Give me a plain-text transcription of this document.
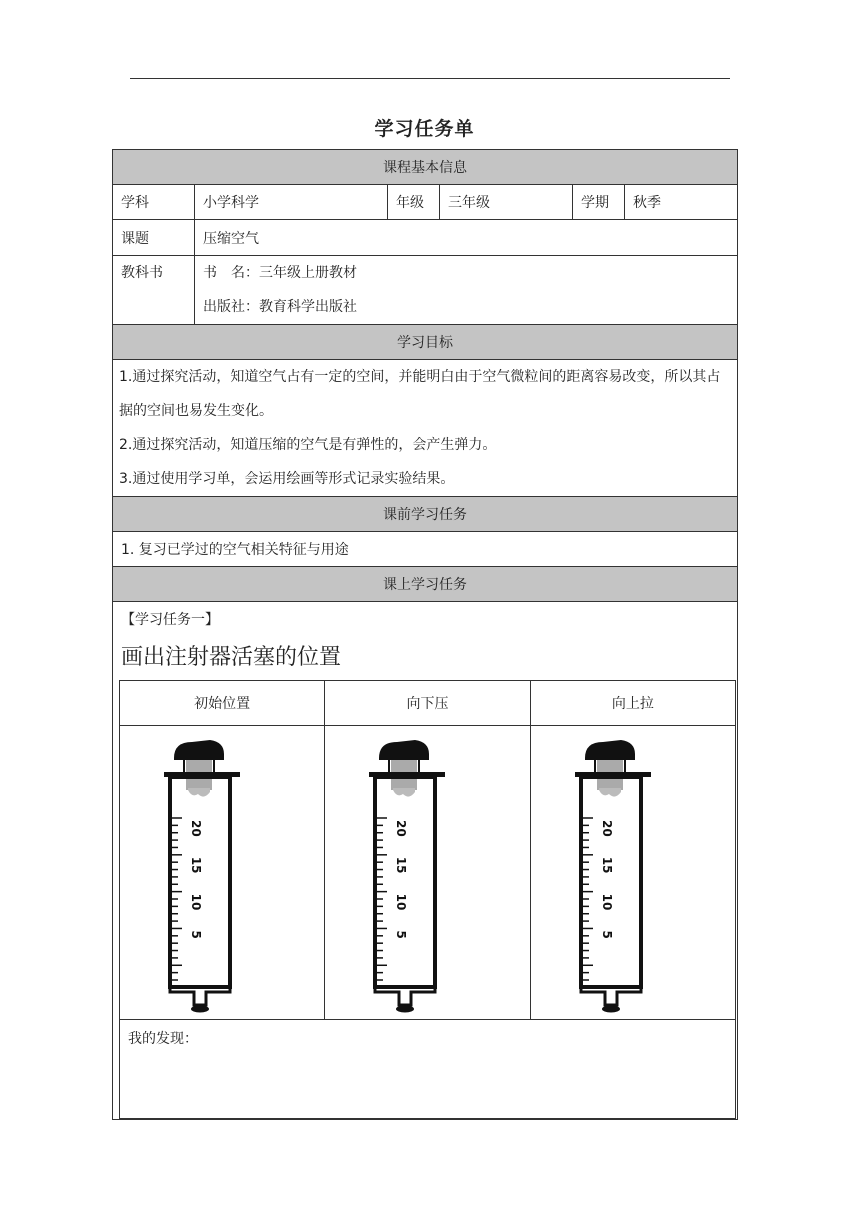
学习任务单
课程基本信息
学科	小学科学	年级	三年级	学期	秋季
课题	压缩空气
教科书	书　名：三年级上册教材
出版社：教育科学出版社

学习目标

1.通过探究活动，知道空气占有一定的空间，并能明白由于空气微粒间的距离容易改变，所以其占据的空间也易发生变化。
2.通过探究活动，知道压缩的空气是有弹性的，会产生弹力。
3.通过使用学习单，会运用绘画等形式记录实验结果。

课前学习任务
1. 复习已学过的空气相关特征与用途
课上学习任务

【学习任务一】
画出注射器活塞的位置
初始位置	向下压	向上拉

20
15
10
5

20
15
10
5

20
15
10
5

我的发现：
